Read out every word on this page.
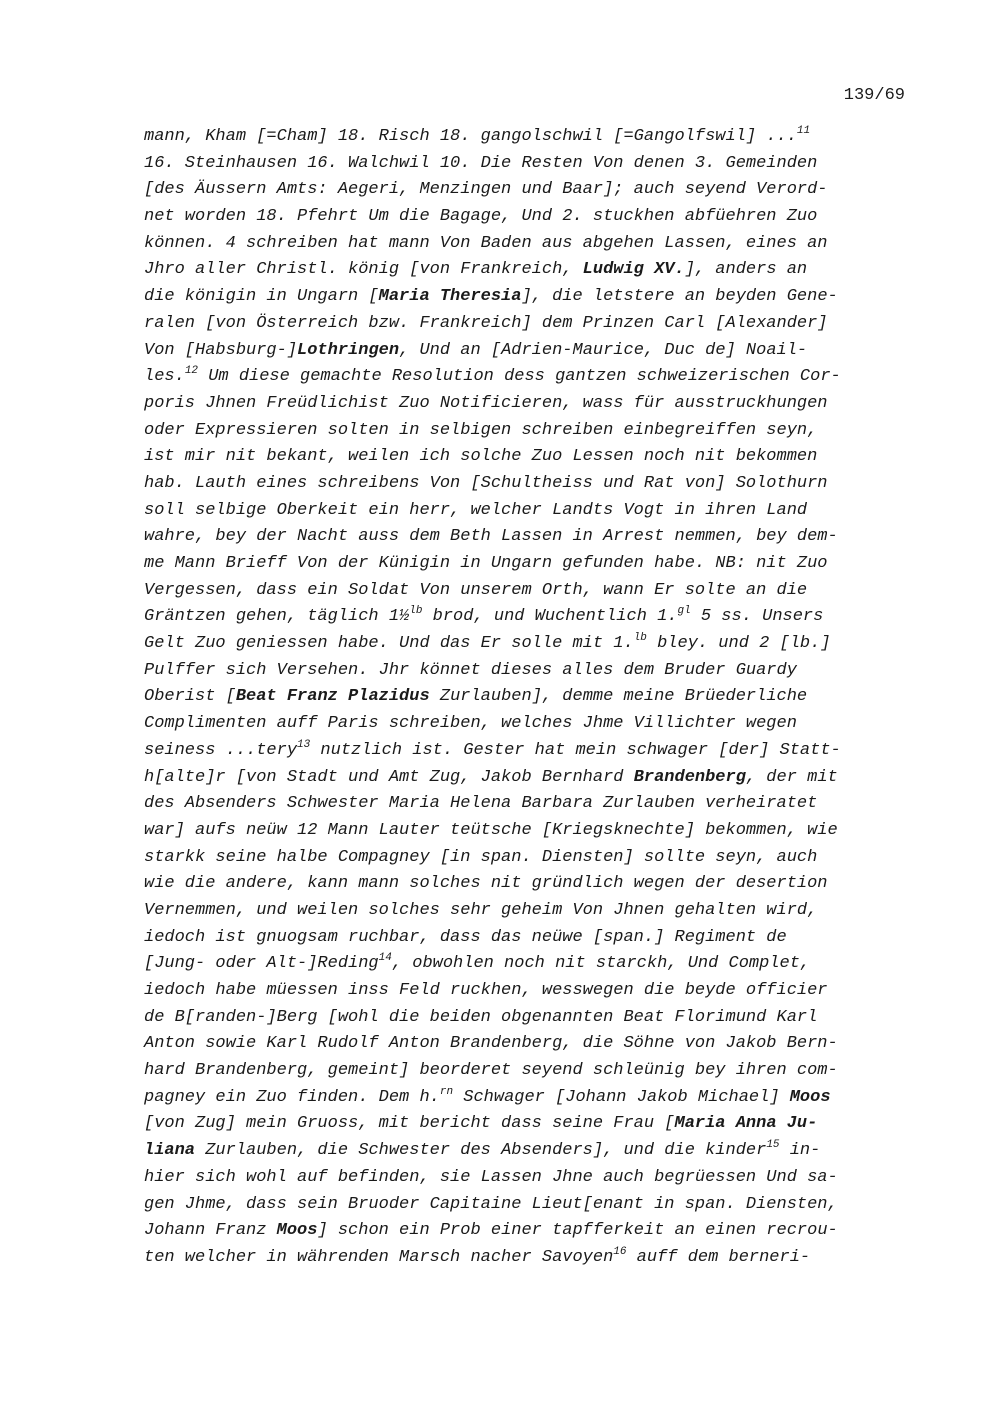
139/69
mann, Kham [=Cham] 18. Risch 18. gangolschwil [=Gangolfswil] ...$^{11}$
16. Steinhausen 16. Walchwil 10. Die Resten Von denen 3. Gemeinden
[des Äussern Amts: Aegeri, Menzingen und Baar]; auch seyend Verord-
net worden 18. Pfehrt Um die Bagage, Und 2. stuckhen abfüehren Zuo
können. 4 schreiben hat mann Von Baden aus abgehen Lassen, eines an
Jhro aller Christl. könig [von Frankreich, Ludwig XV.], anders an
die königin in Ungarn [Maria Theresia], die letstere an beyden Gene-
ralen [von Österreich bzw. Frankreich] dem Prinzen Carl [Alexander]
Von [Habsburg-]Lothringen, Und an [Adrien-Maurice, Duc de] Noail-
les.$^{12}$ Um diese gemachte Resolution dess gantzen schweizerischen Cor-
poris Jhnen Freüdlichist Zuo Notificieren, wass für ausstruckhungen
oder Expressieren solten in selbigen schreiben einbegreiffen seyn,
ist mir nit bekant, weilen ich solche Zuo Lessen noch nit bekommen
hab. Lauth eines schreibens Von [Schultheiss und Rat von] Solothurn
soll selbige Oberkeit ein herr, welcher Landts Vogt in ihren Land
wahre, bey der Nacht auss dem Beth Lassen in Arrest nemmen, bey dem-
me Mann Brieff Von der Künigin in Ungarn gefunden habe. NB: nit Zuo
Vergessen, dass ein Soldat Von unserem Orth, wann Er solte an die
Gräntzen gehen, täglich 1½$^{lb}$ brod, und Wuchentlich 1.$^{gl}$ 5 ss. Unsers
Gelt Zuo geniessen habe. Und das Er solle mit 1.$^{lb}$ bley. und 2 [lb.]
Pulffer sich Versehen. Jhr könnet dieses alles dem Bruder Guardy
Oberist [Beat Franz Plazidus Zurlauben], demme meine Brüederliche
Complimenten auff Paris schreiben, welches Jhme Villichter wegen
seiness ...tery$^{13}$ nutzlich ist. Gester hat mein schwager [der] Statt-
h[alte]r [von Stadt und Amt Zug, Jakob Bernhard Brandenberg, der mit
des Absenders Schwester Maria Helena Barbara Zurlauben verheiratet
war] aufs neüw 12 Mann Lauter teütsche [Kriegsknechte] bekommen, wie
starkk seine halbe Compagney [in span. Diensten] sollte seyn, auch
wie die andere, kann mann solches nit gründlich wegen der desertion
Vernemmen, und weilen solches sehr geheim Von Jhnen gehalten wird,
iedoch ist gnuogsam ruchbar, dass das neüwe [span.] Regiment de
[Jung- oder Alt-]Reding$^{14}$, obwohlen noch nit starckh, Und Complet,
iedoch habe müessen inss Feld ruckhen, wesswegen die beyde officier
de B[randen-]Berg [wohl die beiden obgenannten Beat Florimund Karl
Anton sowie Karl Rudolf Anton Brandenberg, die Söhne von Jakob Bern-
hard Brandenberg, gemeint] beorderet seyend schleünig bey ihren com-
pagney ein Zuo finden. Dem h.$^{rn}$ Schwager [Johann Jakob Michael] Moos
[von Zug] mein Gruoss, mit bericht dass seine Frau [Maria Anna Ju-
liana Zurlauben, die Schwester des Absenders], und die kinder$^{15}$ in-
hier sich wohl auf befinden, sie Lassen Jhne auch begrüessen Und sa-
gen Jhme, dass sein Bruoder Capitaine Lieut[enant in span. Diensten,
Johann Franz Moos] schon ein Prob einer tapfferkeit an einen recrou-
ten welcher in währenden Marsch nacher Savoyen$^{16}$ auff dem berneri-
